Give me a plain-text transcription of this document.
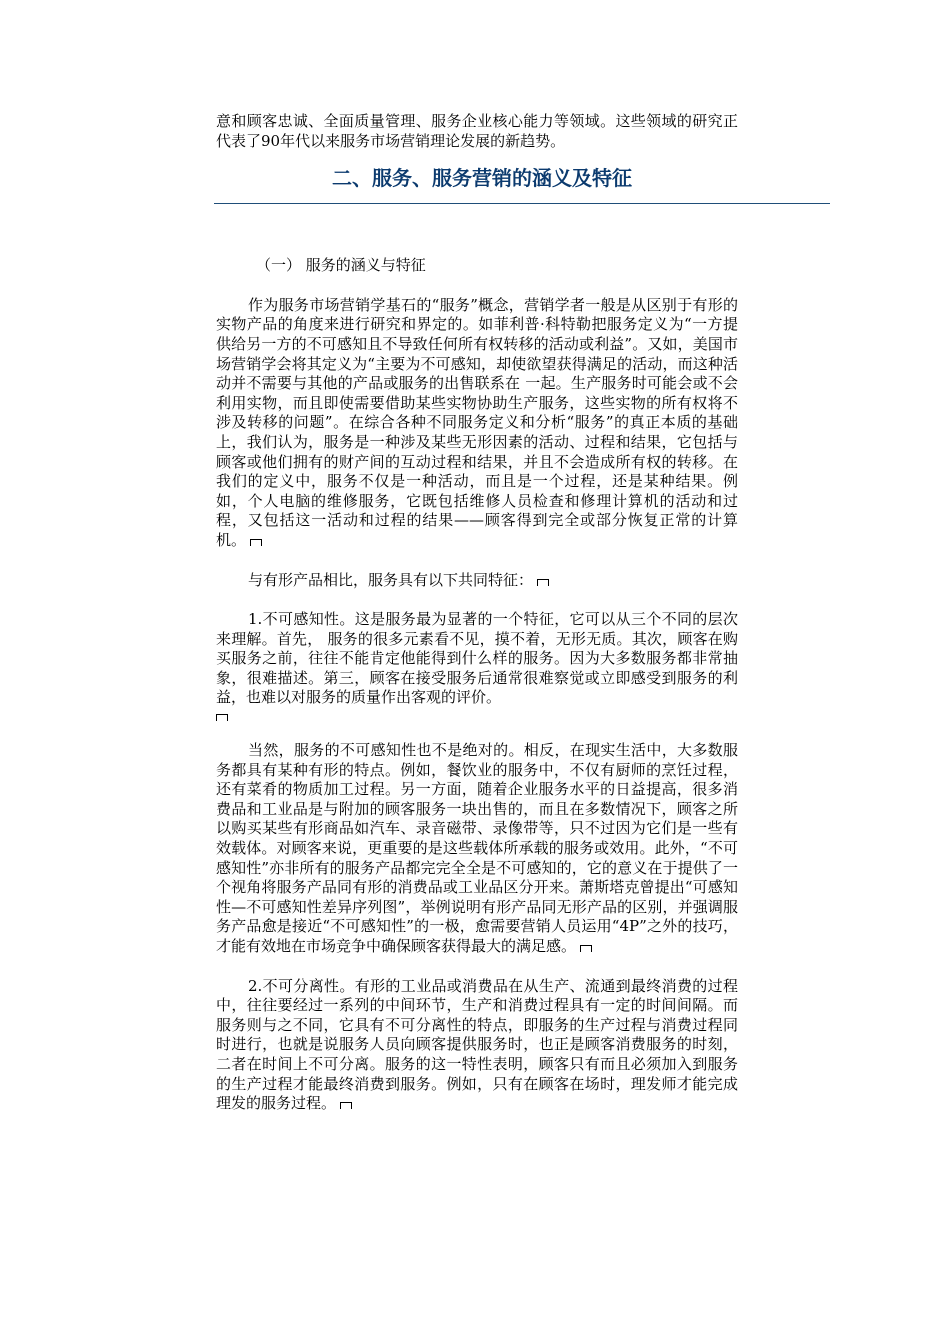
意和顾客忠诚、全面质量管理、服务企业核心能力等领域。这些领域的研究正代表了90年代以来服务市场营销理论发展的新趋势。

二、服务、服务营销的涵义及特征

（一） 服务的涵义与特征

作为服务市场营销学基石的“服务”概念，营销学者一般是从区别于有形的实物产品的角度来进行研究和界定的。如菲利普·科特勒把服务定义为“一方提供给另一方的不可感知且不导致任何所有权转移的活动或利益”。又如，美国市场营销学会将其定义为“主要为不可感知，却使欲望获得满足的活动，而这种活动并不需要与其他的产品或服务的出售联系在 一起。生产服务时可能会或不会利用实物，而且即使需要借助某些实物协助生产服务，这些实物的所有权将不涉及转移的问题”。在综合各种不同服务定义和分析“服务”的真正本质的基础上，我们认为，服务是一种涉及某些无形因素的活动、过程和结果，它包括与顾客或他们拥有的财产间的互动过程和结果，并且不会造成所有权的转移。在我们的定义中，服务不仅是一种活动，而且是一个过程，还是某种结果。例如，个人电脑的维修服务，它既包括维修人员检查和修理计算机的活动和过程，又包括这一活动和过程的结果——顾客得到完全或部分恢复正常的计算机。

与有形产品相比，服务具有以下共同特征：

1.不可感知性。这是服务最为显著的一个特征，它可以从三个不同的层次来理解。首先， 服务的很多元素看不见，摸不着，无形无质。其次，顾客在购买服务之前，往往不能肯定他能得到什么样的服务。因为大多数服务都非常抽象，很难描述。第三，顾客在接受服务后通常很难察觉或立即感受到服务的利益，也难以对服务的质量作出客观的评价。

当然，服务的不可感知性也不是绝对的。相反，在现实生活中，大多数服务都具有某种有形的特点。例如，餐饮业的服务中，不仅有厨师的烹饪过程，还有菜肴的物质加工过程。另一方面，随着企业服务水平的日益提高，很多消费品和工业品是与附加的顾客服务一块出售的，而且在多数情况下，顾客之所以购买某些有形商品如汽车、录音磁带、录像带等，只不过因为它们是一些有效载体。对顾客来说，更重要的是这些载体所承载的服务或效用。此外，“不可感知性”亦非所有的服务产品都完完全全是不可感知的，它的意义在于提供了一个视角将服务产品同有形的消费品或工业品区分开来。萧斯塔克曾提出“可感知性—不可感知性差异序列图”，举例说明有形产品同无形产品的区别，并强调服务产品愈是接近“不可感知性”的一极，愈需要营销人员运用“4P”之外的技巧，才能有效地在市场竞争中确保顾客获得最大的满足感。

2.不可分离性。有形的工业品或消费品在从生产、流通到最终消费的过程中，往往要经过一系列的中间环节，生产和消费过程具有一定的时间间隔。而服务则与之不同，它具有不可分离性的特点，即服务的生产过程与消费过程同时进行，也就是说服务人员向顾客提供服务时，也正是顾客消费服务的时刻，二者在时间上不可分离。服务的这一特性表明，顾客只有而且必须加入到服务的生产过程才能最终消费到服务。例如，只有在顾客在场时，理发师才能完成理发的服务过程。
